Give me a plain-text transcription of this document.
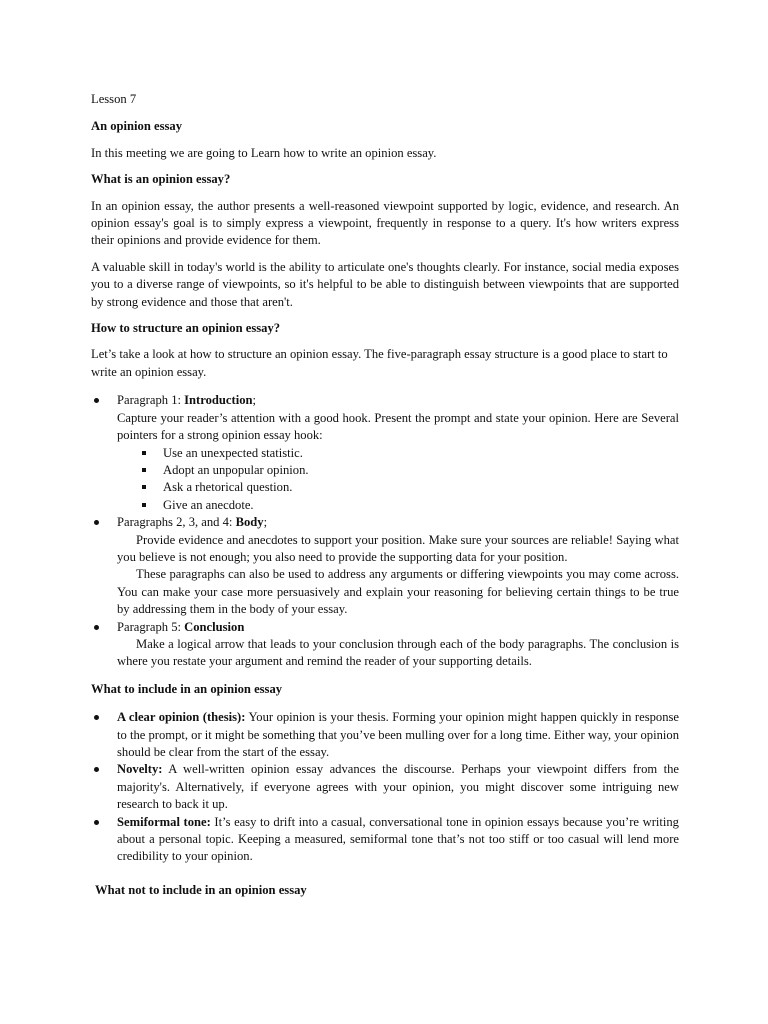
Lesson 7

An opinion essay

In this meeting we are going to Learn how to write an opinion essay.

What is an opinion essay?

In an opinion essay, the author presents a well-reasoned viewpoint supported by logic, evidence, and research. An opinion essay's goal is to simply express a viewpoint, frequently in response to a query. It's how writers express their opinions and provide evidence for them.

A valuable skill in today's world is the ability to articulate one's thoughts clearly. For instance, social media exposes you to a diverse range of viewpoints, so it's helpful to be able to distinguish between viewpoints that are supported by strong evidence and those that aren't.

How to structure an opinion essay?

Let’s take a look at how to structure an opinion essay. The five-paragraph essay structure is a good place to start to write an opinion essay.

Paragraph 1: Introduction;

Capture your reader’s attention with a good hook. Present the prompt and state your opinion. Here are Several pointers for a strong opinion essay hook:

Use an unexpected statistic.
Adopt an unpopular opinion.
Ask a rhetorical question.
Give an anecdote.
Paragraphs 2, 3, and 4: Body;

Provide evidence and anecdotes to support your position. Make sure your sources are reliable! Saying what you believe is not enough; you also need to provide the supporting data for your position.

These paragraphs can also be used to address any arguments or differing viewpoints you may come across. You can make your case more persuasively and explain your reasoning for believing certain things to be true by addressing them in the body of your essay.

Paragraph 5: Conclusion

Make a logical arrow that leads to your conclusion through each of the body paragraphs. The conclusion is where you restate your argument and remind the reader of your supporting details.

What to include in an opinion essay

A clear opinion (thesis): Your opinion is your thesis. Forming your opinion might happen quickly in response to the prompt, or it might be something that you’ve been mulling over for a long time. Either way, your opinion should be clear from the start of the essay.
Novelty: A well-written opinion essay advances the discourse. Perhaps your viewpoint differs from the majority's. Alternatively, if everyone agrees with your opinion, you might discover some intriguing new research to back it up.
Semiformal tone: It’s easy to drift into a casual, conversational tone in opinion essays because you’re writing about a personal topic. Keeping a measured, semiformal tone that’s not too stiff or too casual will lend more credibility to your opinion.

What not to include in an opinion essay
